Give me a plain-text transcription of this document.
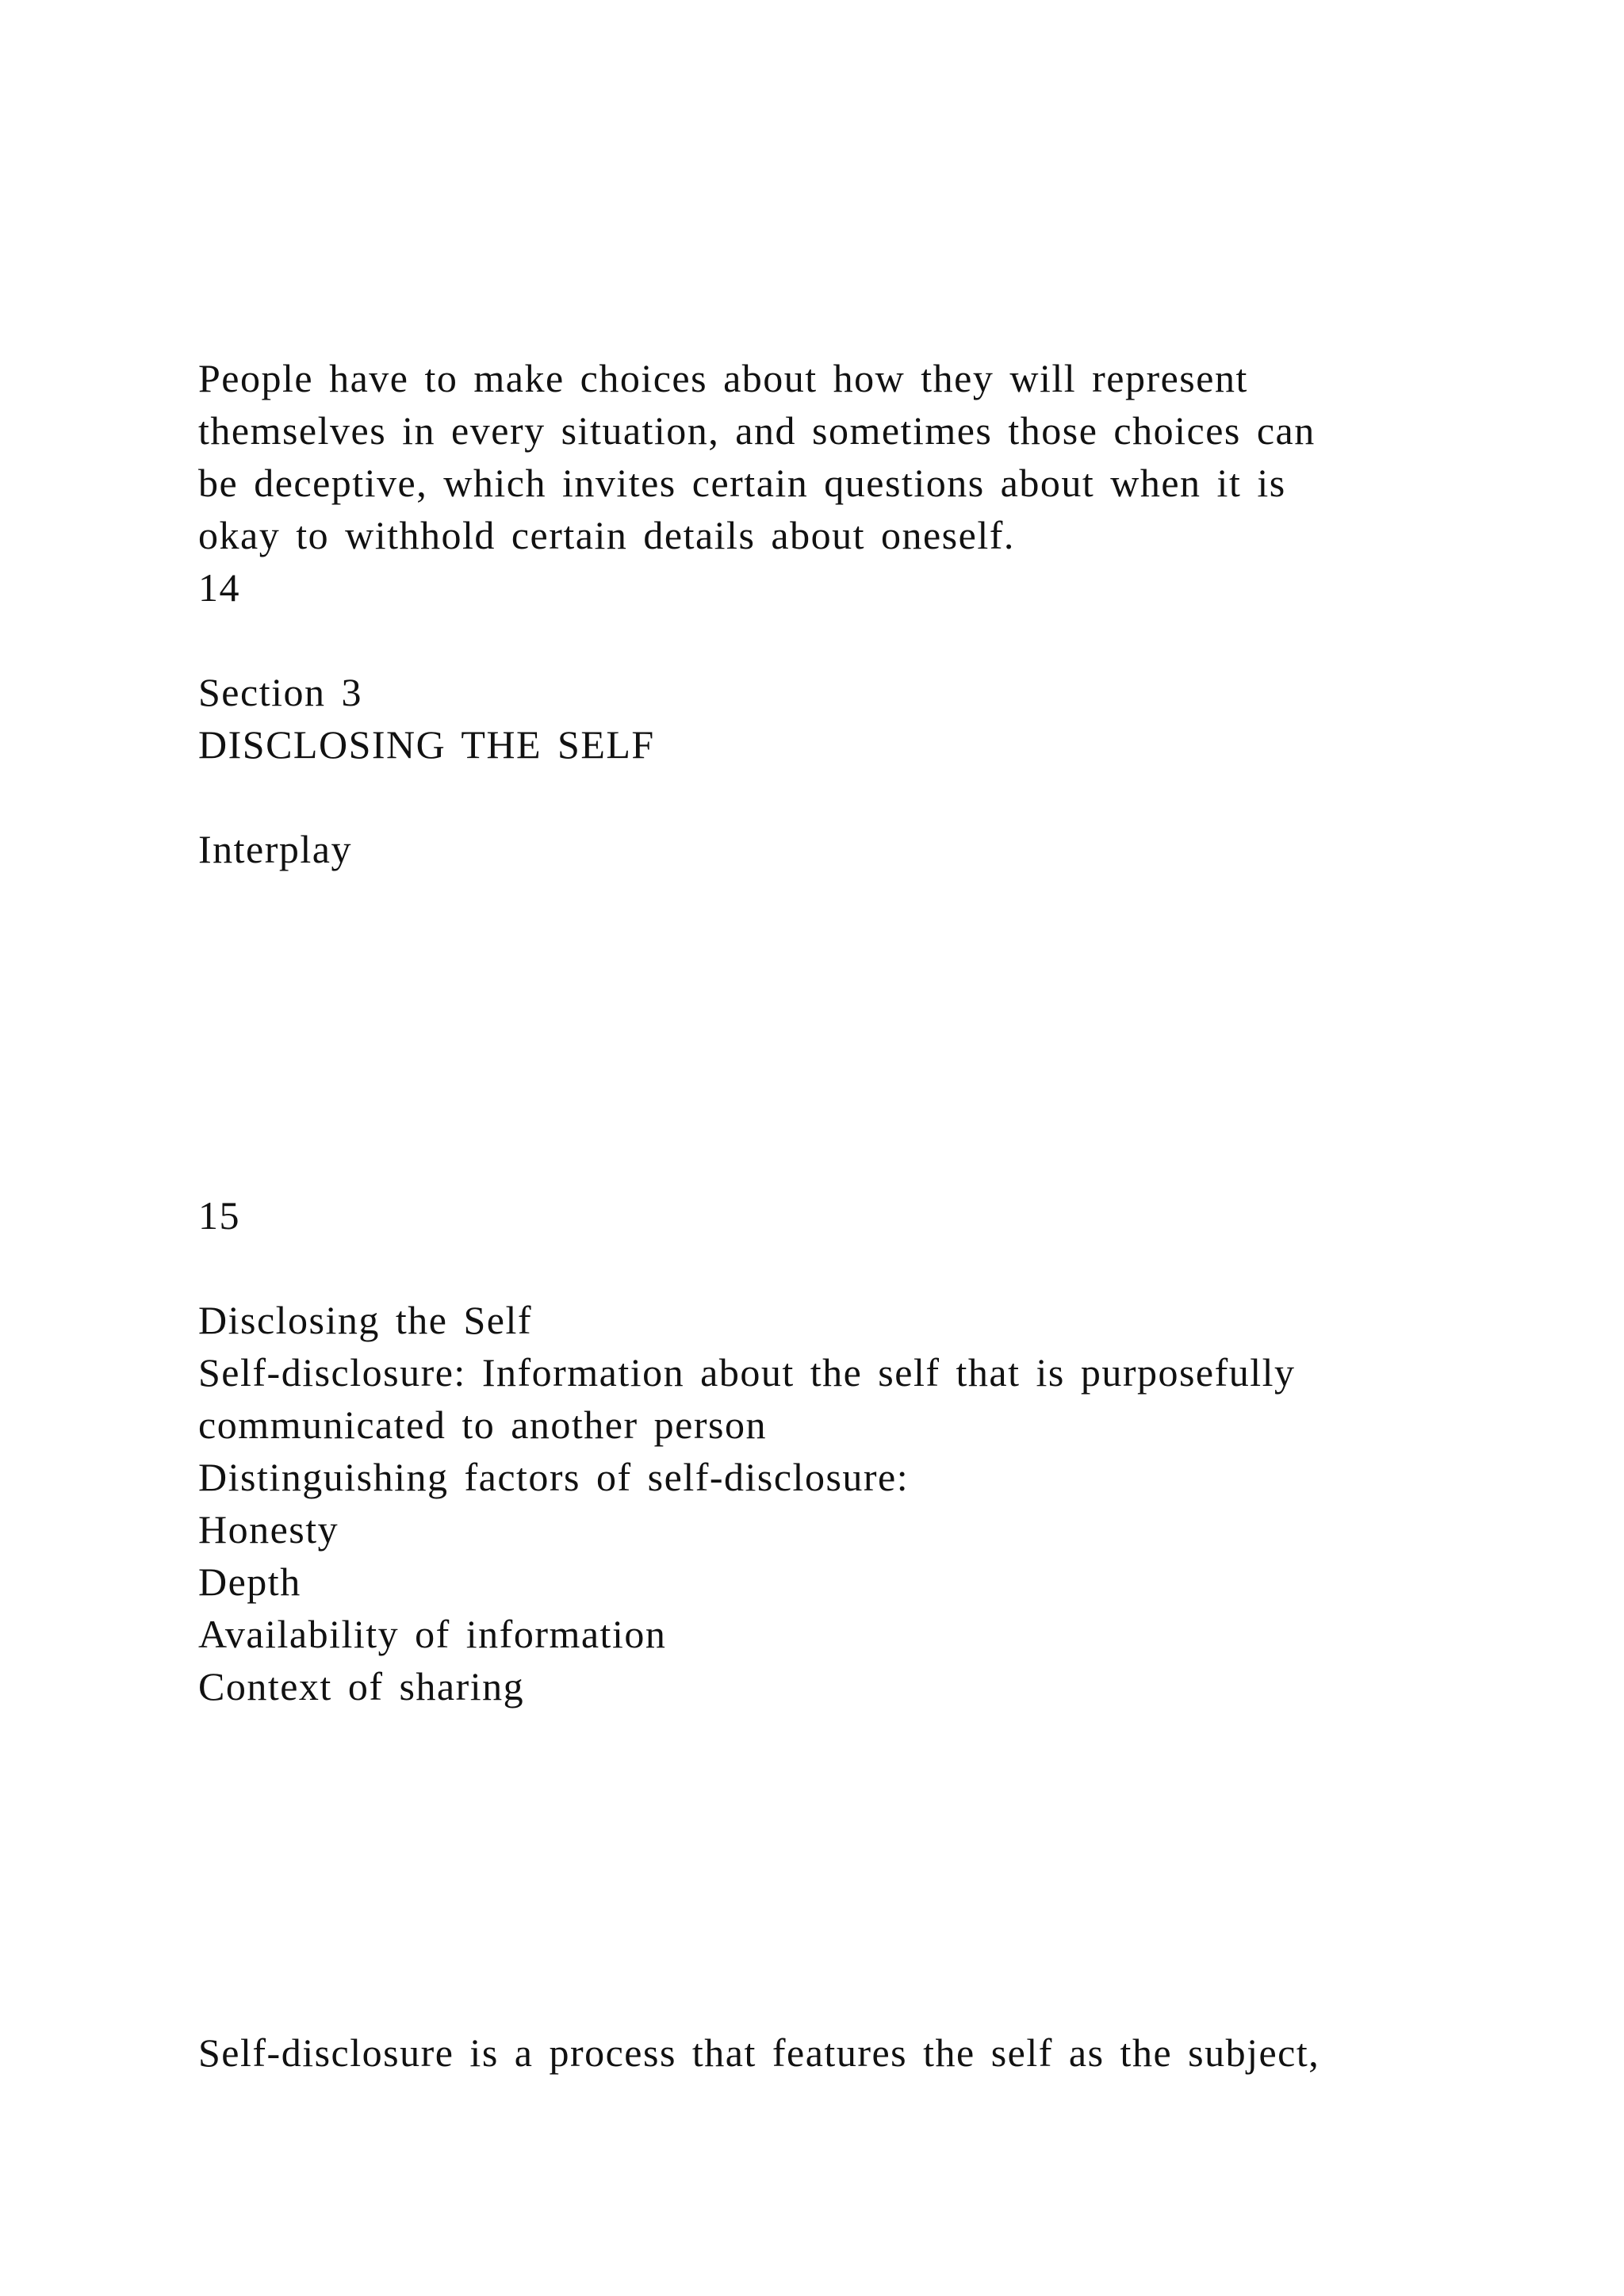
People have to make choices about how they will represent

themselves in every situation, and sometimes those choices can

be deceptive, which invites certain questions about when it is

okay to withhold certain details about oneself.

14

Section 3

DISCLOSING THE SELF

Interplay

15

Disclosing the Self

Self-disclosure: Information about the self that is purposefully

communicated to another person

Distinguishing factors of self-disclosure:

Honesty

Depth

Availability of information

Context of sharing

Self-disclosure is a process that features the self as the subject,
